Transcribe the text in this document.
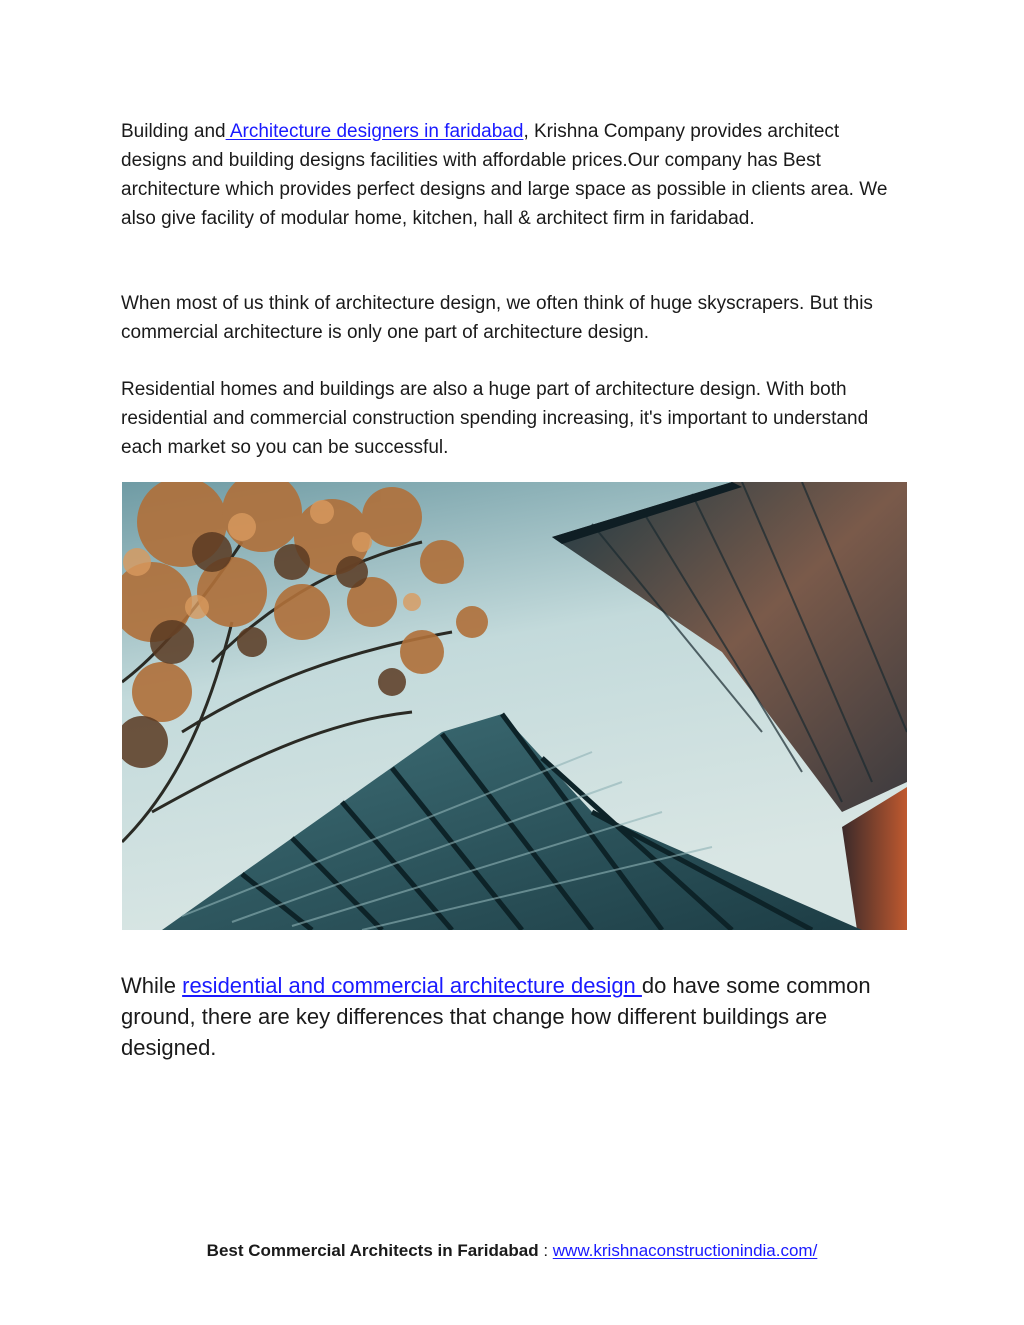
Building and Architecture designers in faridabad, Krishna Company provides architect designs and building designs facilities with affordable prices.Our company has Best architecture which provides perfect designs and large space as possible in clients area. We also give facility of modular home, kitchen, hall & architect firm in faridabad.

When most of us think of architecture design, we often think of huge skyscrapers. But this commercial architecture is only one part of architecture design.

Residential homes and buildings are also a huge part of architecture design. With both residential and commercial construction spending increasing, it's important to understand each market so you can be successful.

While residential and commercial architecture design do have some common ground, there are key differences that change how different buildings are designed.

Best Commercial Architects in Faridabad : www.krishnaconstructionindia.com/
